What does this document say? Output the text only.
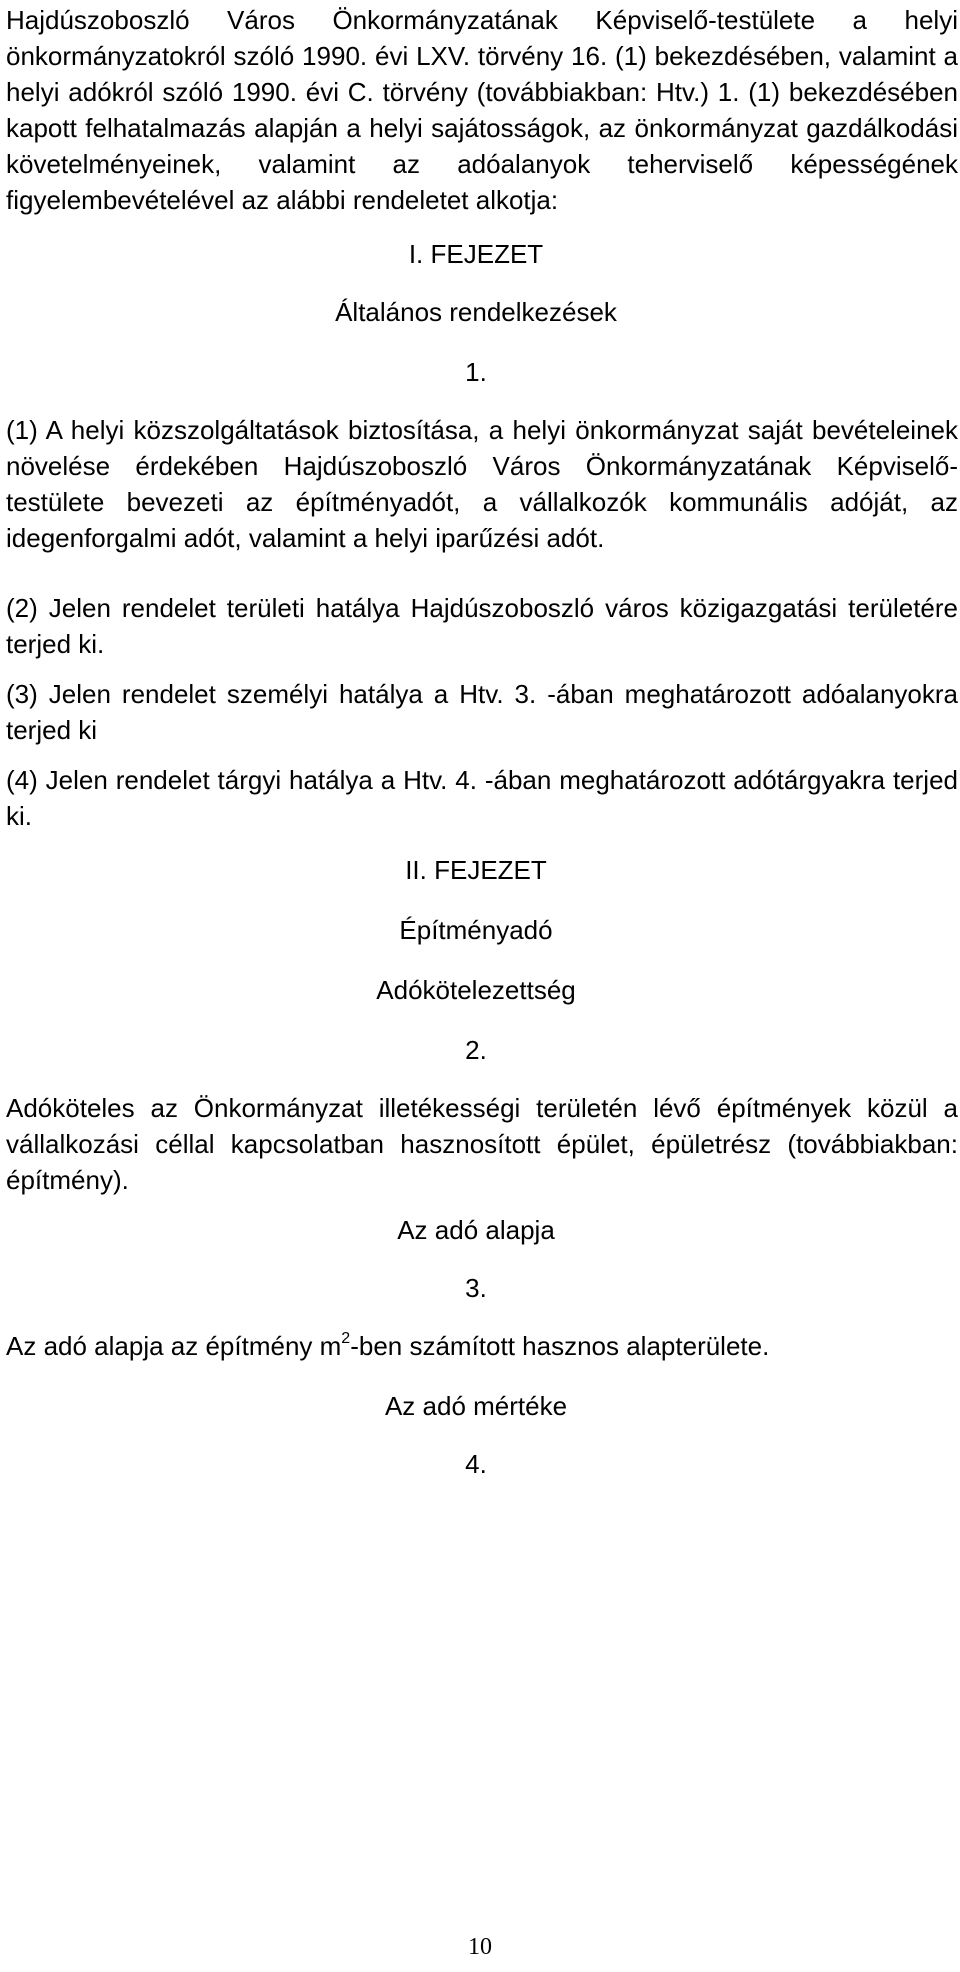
Hajdúszoboszló Város Önkormányzatának Képviselő-testülete a helyi önkormányzatokról szóló 1990. évi LXV. törvény 16. (1) bekezdésében, valamint a helyi adókról szóló 1990. évi C. törvény (továbbiakban: Htv.) 1. (1) bekezdésében kapott felhatalmazás alapján a helyi sajátosságok, az önkormányzat gazdálkodási követelményeinek, valamint az adóalanyok teherviselő képességének figyelembevételével az alábbi rendeletet alkotja:

I. FEJEZET

Általános rendelkezések

1.

(1) A helyi közszolgáltatások biztosítása, a helyi önkormányzat saját bevételeinek növelése érdekében Hajdúszoboszló Város Önkormányzatának Képviselő-testülete bevezeti az építményadót, a vállalkozók kommunális adóját, az idegenforgalmi adót, valamint a helyi iparűzési adót.

(2) Jelen rendelet területi hatálya Hajdúszoboszló város közigazgatási területére terjed ki.

(3) Jelen rendelet személyi hatálya a Htv. 3. -ában meghatározott adóalanyokra terjed ki

(4) Jelen rendelet tárgyi hatálya a Htv. 4. -ában meghatározott adótárgyakra terjed ki.

II. FEJEZET

Építményadó

Adókötelezettség

2.

Adóköteles az Önkormányzat illetékességi területén lévő építmények közül a vállalkozási céllal kapcsolatban hasznosított épület, épületrész (továbbiakban: építmény).

Az adó alapja

3.

Az adó alapja az építmény $m^2$-ben számított hasznos alapterülete.

Az adó mértéke

4.

10
